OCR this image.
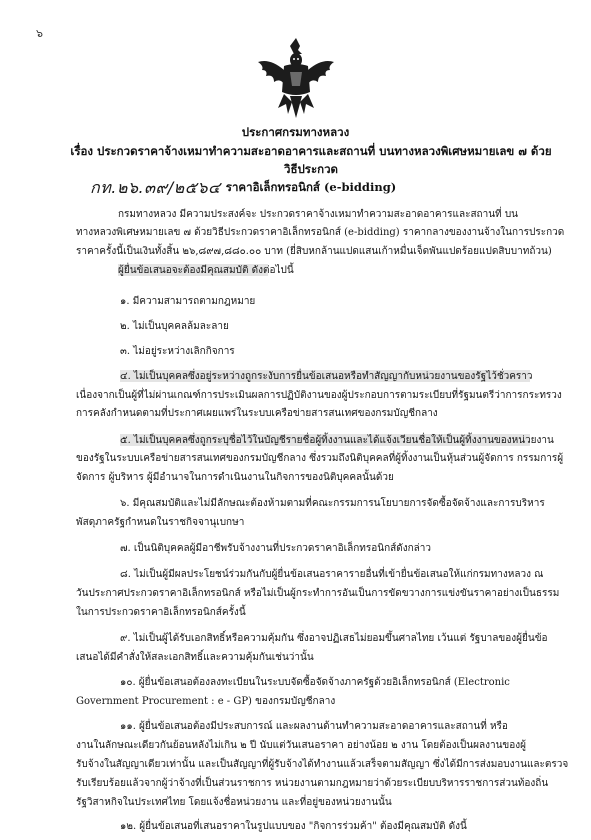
๖
ประกาศกรมทางหลวง
เรื่อง ประกวดราคาจ้างเหมาทำความสะอาดอาคารและสถานที่ บนทางหลวงพิเศษหมายเลข ๗ ด้วยวิธีประกวด
ราคาอิเล็กทรอนิกส์ (e-bidding)
กท.๒๖.๓๙/๒๕๖๔
กรมทางหลวง มีความประสงค์จะ ประกวดราคาจ้างเหมาทำความสะอาดอาคารและสถานที่ บน
ทางหลวงพิเศษหมายเลข ๗ ด้วยวิธีประกวดราคาอิเล็กทรอนิกส์ (e-bidding) ราคากลางของงานจ้างในการประกวด
ราคาครั้งนี้เป็นเงินทั้งสิ้น ๒๖,๘๙๗,๘๘๐.๐๐ บาท (ยี่สิบหกล้านแปดแสนเก้าหมื่นเจ็ดพันแปดร้อยแปดสิบบาทถ้วน)
ผู้ยื่นข้อเสนอจะต้องมีคุณสมบัติ ดังต่อไปนี้
๑. มีความสามารถตามกฎหมาย
๒. ไม่เป็นบุคคลล้มละลาย
๓. ไม่อยู่ระหว่างเลิกกิจการ
๔. ไม่เป็นบุคคลซึ่งอยู่ระหว่างถูกระงับการยื่นข้อเสนอหรือทำสัญญากับหน่วยงานของรัฐไว้ชั่วคราว
เนื่องจากเป็นผู้ที่ไม่ผ่านเกณฑ์การประเมินผลการปฏิบัติงานของผู้ประกอบการตามระเบียบที่รัฐมนตรีว่าการกระทรวง
การคลังกำหนดตามที่ประกาศเผยแพร่ในระบบเครือข่ายสารสนเทศของกรมบัญชีกลาง
๕. ไม่เป็นบุคคลซึ่งถูกระบุชื่อไว้ในบัญชีรายชื่อผู้ทิ้งงานและได้แจ้งเวียนชื่อให้เป็นผู้ทิ้งงานของหน่วยงาน
ของรัฐในระบบเครือข่ายสารสนเทศของกรมบัญชีกลาง ซึ่งรวมถึงนิติบุคคลที่ผู้ทิ้งงานเป็นหุ้นส่วนผู้จัดการ กรรมการผู้
จัดการ ผู้บริหาร ผู้มีอำนาจในการดำเนินงานในกิจการของนิติบุคคลนั้นด้วย
๖. มีคุณสมบัติและไม่มีลักษณะต้องห้ามตามที่คณะกรรมการนโยบายการจัดซื้อจัดจ้างและการบริหาร
พัสดุภาครัฐกำหนดในราชกิจจานุเบกษา
๗. เป็นนิติบุคคลผู้มีอาชีพรับจ้างงานที่ประกวดราคาอิเล็กทรอนิกส์ดังกล่าว
๘. ไม่เป็นผู้มีผลประโยชน์ร่วมกันกับผู้ยื่นข้อเสนอราคารายอื่นที่เข้ายื่นข้อเสนอให้แก่กรมทางหลวง ณ
วันประกาศประกวดราคาอิเล็กทรอนิกส์ หรือไม่เป็นผู้กระทำการอันเป็นการขัดขวางการแข่งขันราคาอย่างเป็นธรรม
ในการประกวดราคาอิเล็กทรอนิกส์ครั้งนี้
๙. ไม่เป็นผู้ได้รับเอกสิทธิ์หรือความคุ้มกัน ซึ่งอาจปฏิเสธไม่ยอมขึ้นศาลไทย เว้นแต่ รัฐบาลของผู้ยื่นข้อ
เสนอได้มีคำสั่งให้สละเอกสิทธิ์และความคุ้มกันเช่นว่านั้น
๑๐. ผู้ยื่นข้อเสนอต้องลงทะเบียนในระบบจัดซื้อจัดจ้างภาครัฐด้วยอิเล็กทรอนิกส์ (Electronic
Government Procurement : e - GP) ของกรมบัญชีกลาง
๑๑. ผู้ยื่นข้อเสนอต้องมีประสบการณ์ และผลงานด้านทำความสะอาดอาคารและสถานที่ หรือ
งานในลักษณะเดียวกันย้อนหลังไม่เกิน ๒ ปี นับแต่วันเสนอราคา อย่างน้อย ๒ งาน โดยต้องเป็นผลงานของผู้
รับจ้างในสัญญาเดียวเท่านั้น และเป็นสัญญาที่ผู้รับจ้างได้ทำงานแล้วเสร็จตามสัญญา ซึ่งได้มีการส่งมอบงานและตรวจ
รับเรียบร้อยแล้วจากผู้ว่าจ้างที่เป็นส่วนราชการ หน่วยงานตามกฎหมายว่าด้วยระเบียบบริหารราชการส่วนท้องถิ่น
รัฐวิสาหกิจในประเทศไทย โดยแจ้งชื่อหน่วยงาน และที่อยู่ของหน่วยงานนั้น
๑๒. ผู้ยื่นข้อเสนอที่เสนอราคาในรูปแบบของ "กิจการร่วมค้า" ต้องมีคุณสมบัติ ดังนี้
